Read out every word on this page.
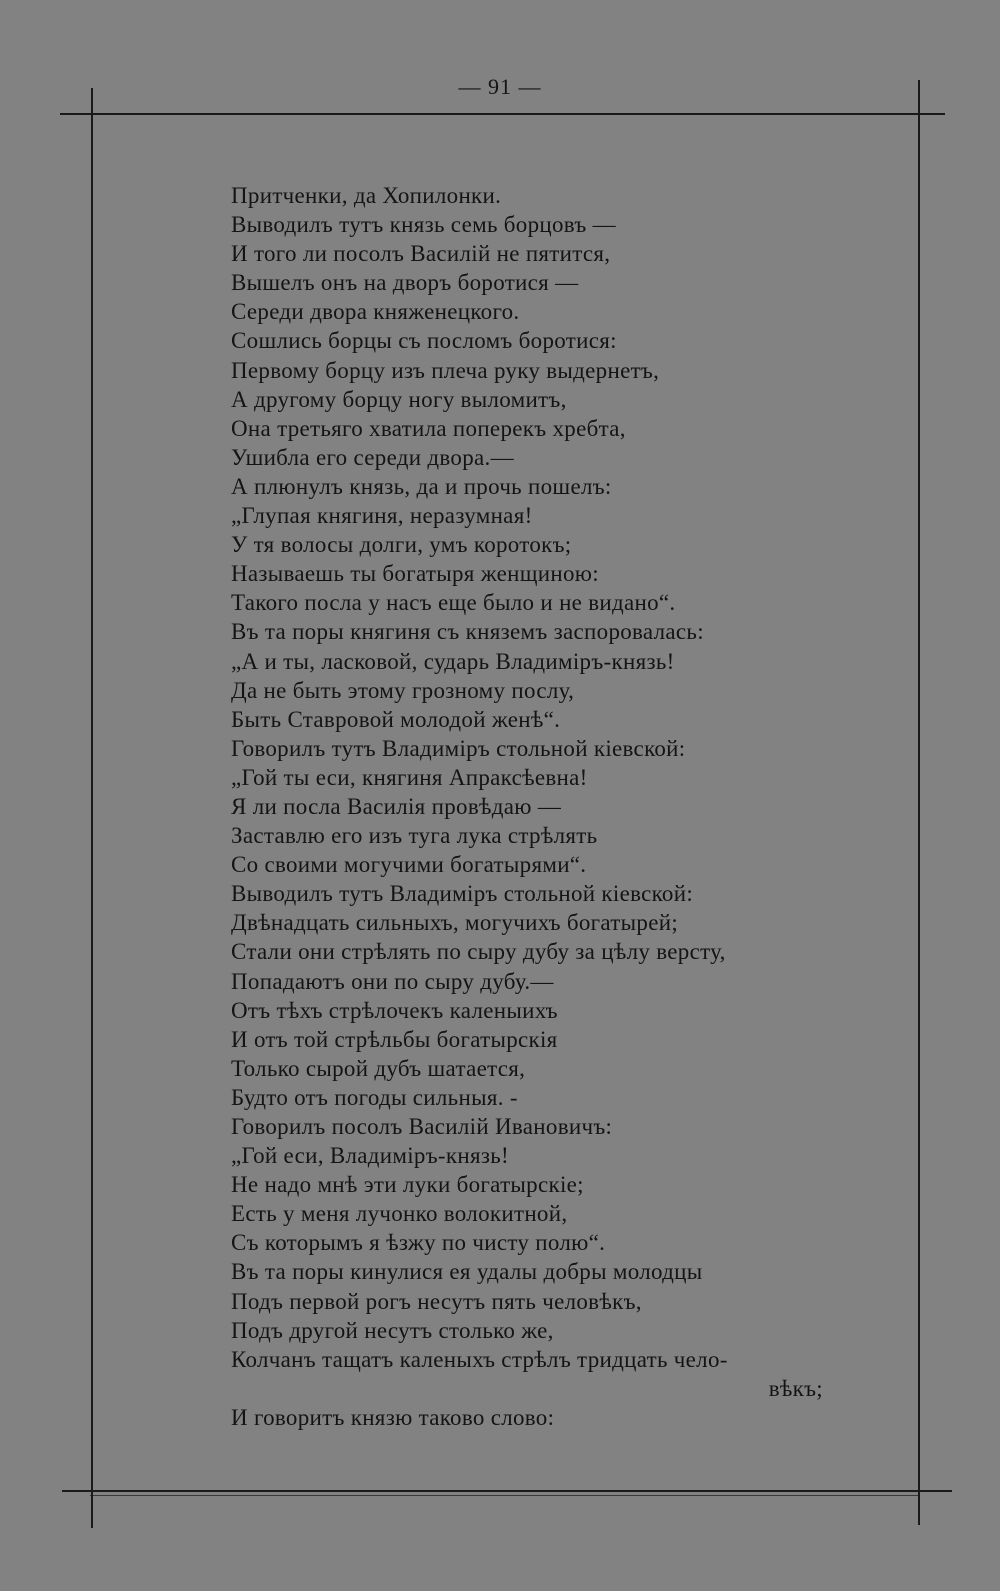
— 91 —
Притченки, да Хопилонки.
Выводилъ тутъ князь семь борцовъ —
И того ли посолъ Василій не пятится,
Вышелъ онъ на дворъ боротися —
Середи двора княженецкого.
Сошлись борцы съ посломъ боротися:
Первому борцу изъ плеча руку выдернетъ,
А другому борцу ногу выломитъ,
Она третьяго хватила поперекъ хребта,
Ушибла его середи двора.—
А плюнулъ князь, да и прочь пошелъ:
„Глупая княгиня, неразумная!
У тя волосы долги, умъ коротокъ;
Называешь ты богатыря женщиною:
Такого посла у насъ еще было и не видано“.
Въ та поры княгиня съ княземъ заспоровалась:
„А и ты, ласковой, сударь Владиміръ-князь!
Да не быть этому грозному послу,
Быть Ставровой молодой женѣ“.
Говорилъ тутъ Владиміръ стольной кіевской:
„Гой ты еси, княгиня Апраксѣевна!
Я ли посла Василія провѣдаю —
Заставлю его изъ туга лука стрѣлять
Со своими могучими богатырями“.
Выводилъ тутъ Владиміръ стольной кіевской:
Двѣнадцать сильныхъ, могучихъ богатырей;
Стали они стрѣлять по сыру дубу за цѣлу версту,
Попадаютъ они по сыру дубу.—
Отъ тѣхъ стрѣлочекъ каленыихъ
И отъ той стрѣльбы богатырскія
Только сырой дубъ шатается,
Будто отъ погоды сильныя. -
Говорилъ посолъ Василій Ивановичъ:
„Гой еси, Владиміръ-князь!
Не надо мнѣ эти луки богатырскіе;
Есть у меня лучонко волокитной,
Съ которымъ я ѣзжу по чисту полю“.
Въ та поры кинулися ея удалы добры молодцы
Подъ первой рогъ несутъ пять человѣкъ,
Подъ другой несутъ столько же,
Колчанъ тащатъ каленыхъ стрѣлъ тридцать чело-
вѣкъ;
И говоритъ князю таково слово:
